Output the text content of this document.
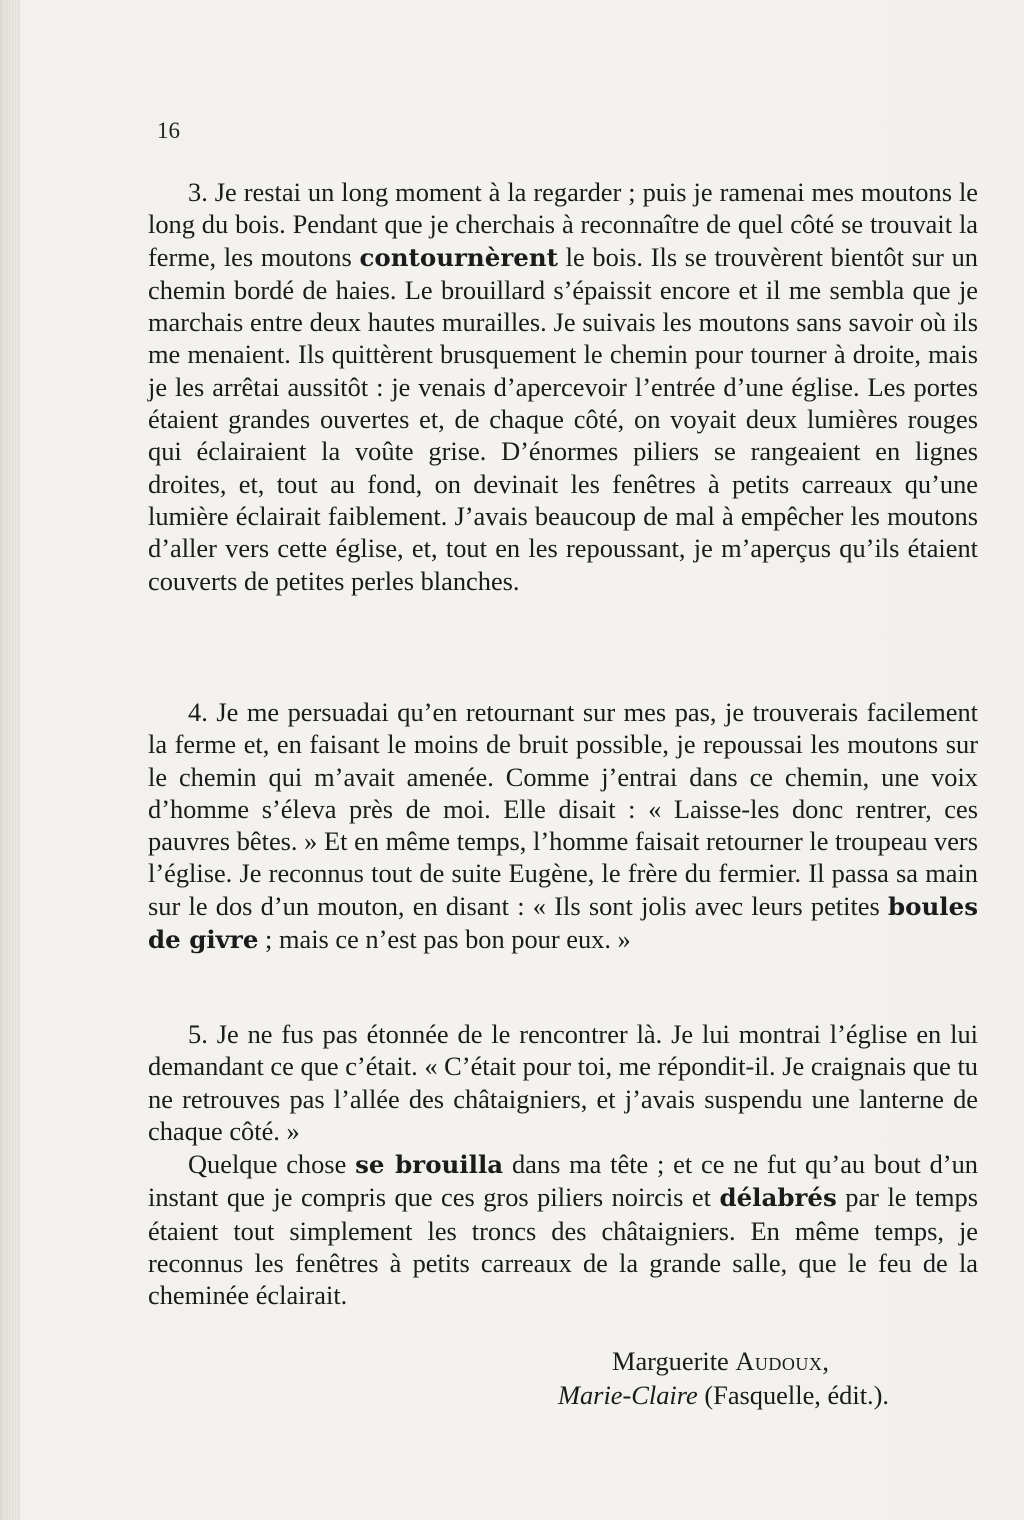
16

3. Je restai un long moment à la regarder ; puis je ramenai mes moutons le long du bois. Pendant que je cherchais à reconnaître de quel côté se trouvait la ferme, les moutons contournèrent le bois. Ils se trouvèrent bientôt sur un chemin bordé de haies. Le brouillard s’épaissit encore et il me sembla que je marchais entre deux hautes murailles. Je suivais les moutons sans savoir où ils me menaient. Ils quittèrent brusquement le chemin pour tourner à droite, mais je les arrêtai aussitôt : je venais d’apercevoir l’entrée d’une église. Les portes étaient grandes ouvertes et, de chaque côté, on voyait deux lumières rouges qui éclairaient la voûte grise. D’énormes piliers se rangeaient en lignes droites, et, tout au fond, on devinait les fenêtres à petits carreaux qu’une lumière éclairait faiblement. J’avais beaucoup de mal à empêcher les moutons d’aller vers cette église, et, tout en les repoussant, je m’aperçus qu’ils étaient couverts de petites perles blanches.

4. Je me persuadai qu’en retournant sur mes pas, je trouverais facilement la ferme et, en faisant le moins de bruit possible, je repoussai les moutons sur le chemin qui m’avait amenée. Comme j’entrai dans ce chemin, une voix d’homme s’éleva près de moi. Elle disait : « Laisse-les donc rentrer, ces pauvres bêtes. » Et en même temps, l’homme faisait retourner le troupeau vers l’église. Je reconnus tout de suite Eugène, le frère du fermier. Il passa sa main sur le dos d’un mouton, en disant : « Ils sont jolis avec leurs petites boules de givre ; mais ce n’est pas bon pour eux. »

5. Je ne fus pas étonnée de le rencontrer là. Je lui montrai l’église en lui demandant ce que c’était. « C’était pour toi, me répondit-il. Je craignais que tu ne retrouves pas l’allée des châtaigniers, et j’avais suspendu une lanterne de chaque côté. »

Quelque chose se brouilla dans ma tête ; et ce ne fut qu’au bout d’un instant que je compris que ces gros piliers noircis et délabrés par le temps étaient tout simplement les troncs des châtaigniers. En même temps, je reconnus les fenêtres à petits carreaux de la grande salle, que le feu de la cheminée éclairait.

Marguerite Audoux,
Marie-Claire (Fasquelle, édit.).
